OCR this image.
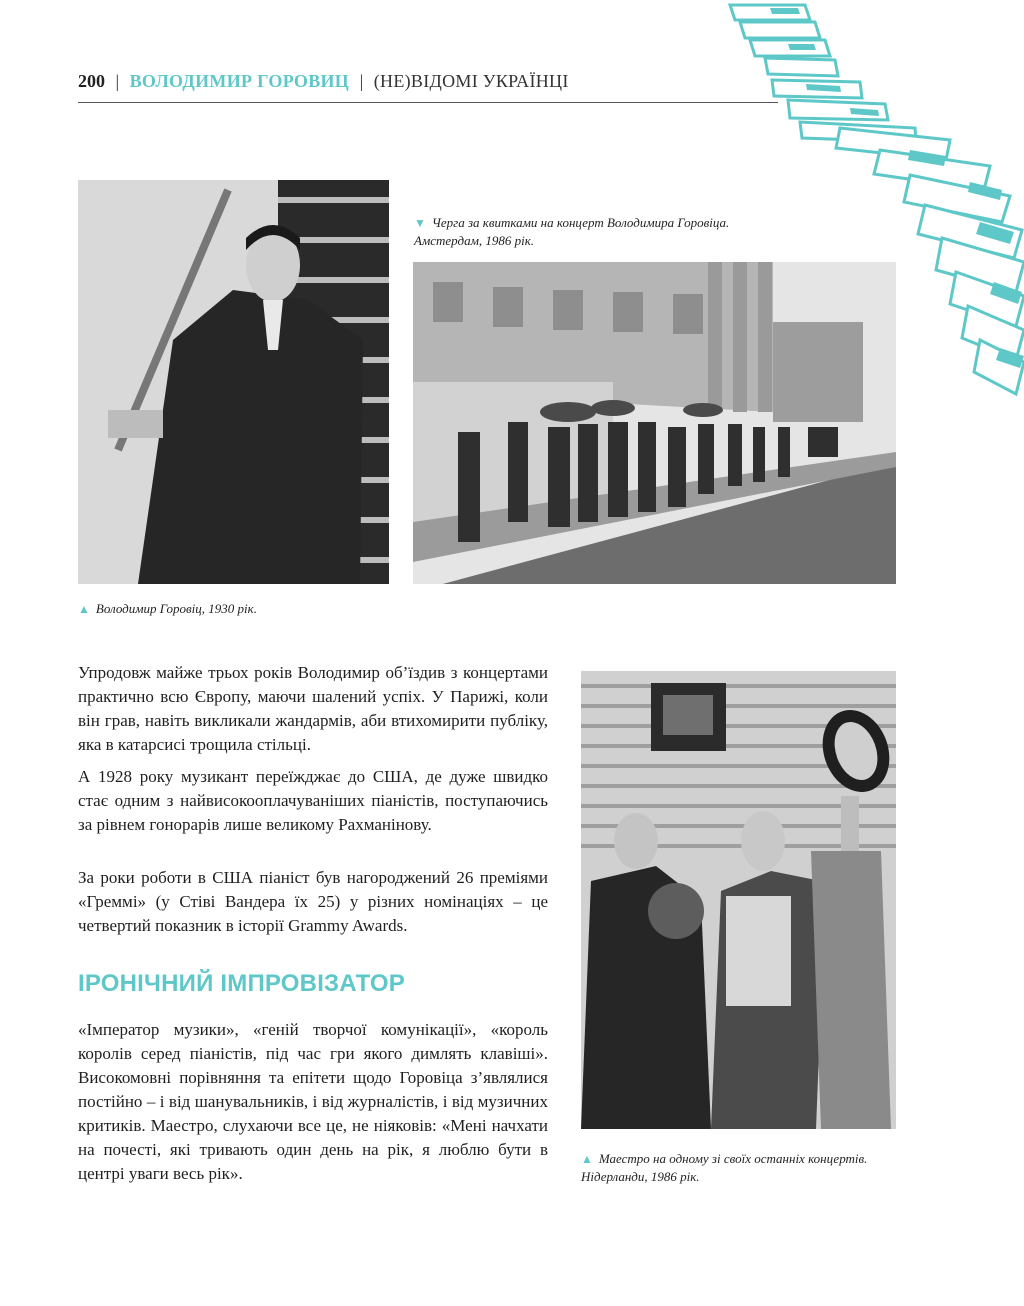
200 | ВОЛОДИМИР ГОРОВИЦ | (НЕ)ВІДОМІ УКРАЇНЦІ
▲ Володимир Горовіц, 1930 рік.
▼ Черга за квитками на концерт Володимира Горовіца. Амстердам, 1986 рік.

Упродовж майже трьох років Володимир об’їздив з концертами практично всю Європу, маючи шалений успіх. У Парижі, коли він грав, навіть викликали жандармів, аби втихомирити публіку, яка в катарсисі трощила стільці.

А 1928 року музикант переїжджає до США, де дуже швидко стає одним з найвисокооплачуваніших піаністів, поступаючись за рівнем гонорарів лише великому Рахманінову.

За роки роботи в США піаніст був нагороджений 26 преміями «Греммі» (у Стіві Вандера їх 25) у різних номінаціях – це четвертий показник в історії Grammy Awards.

ІРОНІЧНИЙ ІМПРОВІЗАТОР

«Імператор музики», «геній творчої комунікації», «король королів серед піаністів, під час гри якого димлять клавіші». Високомовні порівняння та епітети щодо Горовіца з’являлися постійно – і від шанувальників, і від журналістів, і від музичних критиків. Маестро, слухаючи все це, не ніяковів: «Мені начхати на почесті, які тривають один день на рік, я люблю бути в центрі уваги весь рік».

▲ Маестро на одному зі своїх останніх концертів. Нідерланди, 1986 рік.
